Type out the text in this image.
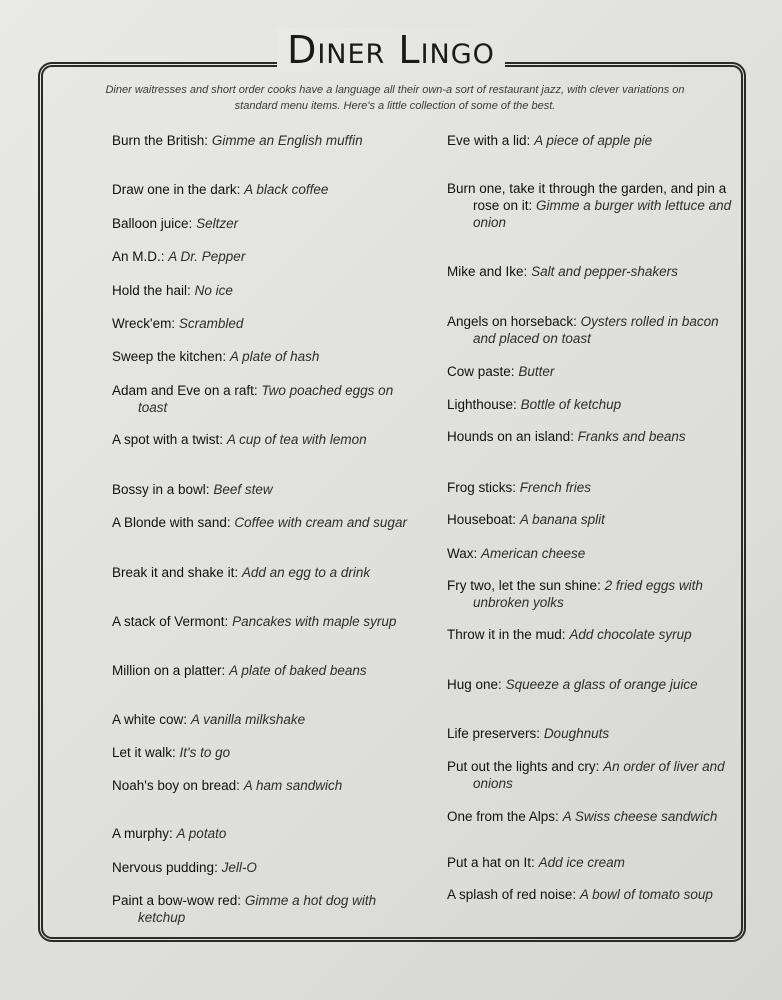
Diner Lingo
Diner waitresses and short order cooks have a language all their own-a sort of restaurant jazz, with clever variations on standard menu items. Here's a little collection of some of the best.
Burn the British: Gimme an English muffin
Draw one in the dark: A black coffee
Balloon juice: Seltzer
An M.D.: A Dr. Pepper
Hold the hail: No ice
Wreck'em: Scrambled
Sweep the kitchen: A plate of hash
Adam and Eve on a raft: Two poached eggs on toast
A spot with a twist: A cup of tea with lemon
Bossy in a bowl: Beef stew
A Blonde with sand: Coffee with cream and sugar
Break it and shake it: Add an egg to a drink
A stack of Vermont: Pancakes with maple syrup
Million on a platter: A plate of baked beans
A white cow: A vanilla milkshake
Let it walk: It's to go
Noah's boy on bread: A ham sandwich
A murphy: A potato
Nervous pudding: Jell-O
Paint a bow-wow red: Gimme a hot dog with ketchup
Eve with a lid: A piece of apple pie
Burn one, take it through the garden, and pin a rose on it: Gimme a burger with lettuce and onion
Mike and Ike: Salt and pepper-shakers
Angels on horseback: Oysters rolled in bacon and placed on toast
Cow paste: Butter
Lighthouse: Bottle of ketchup
Hounds on an island: Franks and beans
Frog sticks: French fries
Houseboat: A banana split
Wax: American cheese
Fry two, let the sun shine: 2 fried eggs with unbroken yolks
Throw it in the mud: Add chocolate syrup
Hug one: Squeeze a glass of orange juice
Life preservers: Doughnuts
Put out the lights and cry: An order of liver and onions
One from the Alps: A Swiss cheese sandwich
Put a hat on It: Add ice cream
A splash of red noise: A bowl of tomato soup
